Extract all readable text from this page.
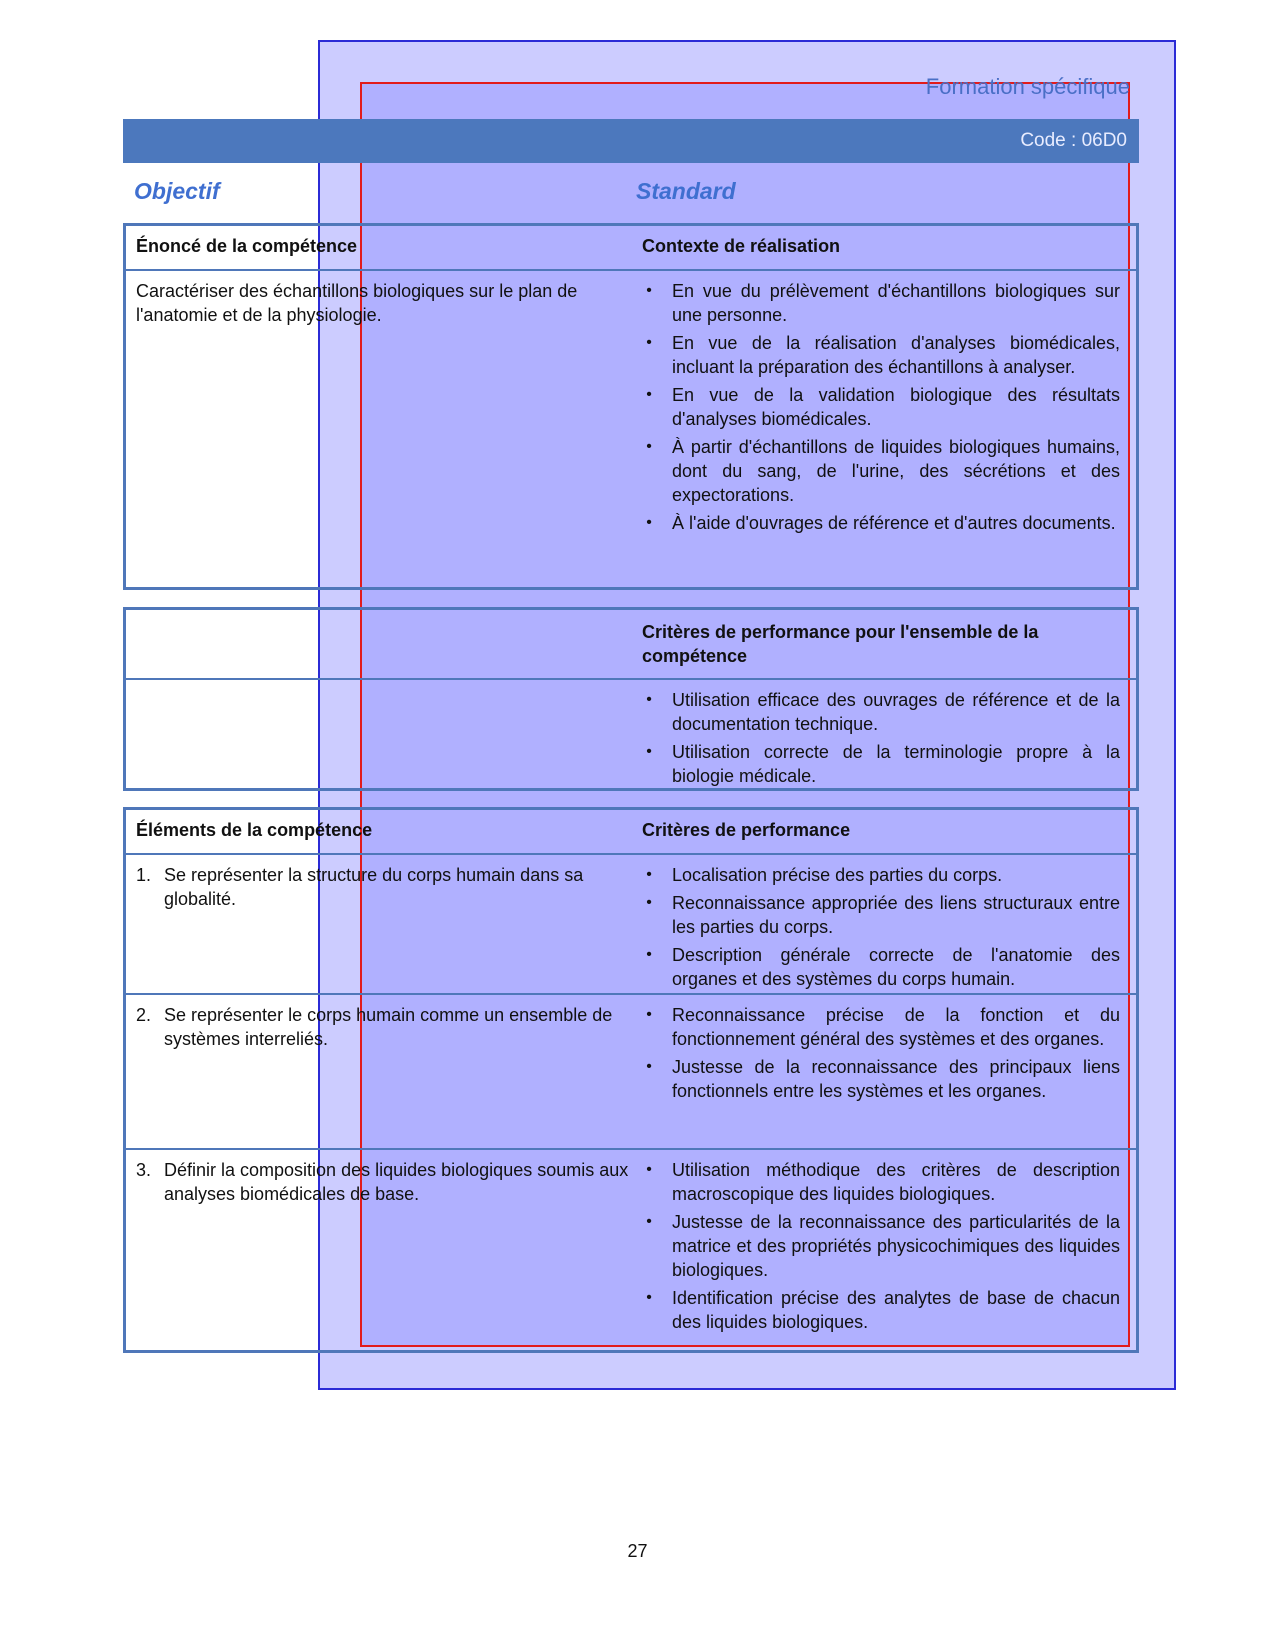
Formation spécifique
Code : 06D0
Objectif	Standard
Énoncé de la compétence	Contexte de réalisation
Caractériser des échantillons biologiques sur le plan de l'anatomie et de la physiologie.
• En vue du prélèvement d'échantillons biologiques sur une personne.
• En vue de la réalisation d'analyses biomédicales, incluant la préparation des échantillons à analyser.
• En vue de la validation biologique des résultats d'analyses biomédicales.
• À partir d'échantillons de liquides biologiques humains, dont du sang, de l'urine, des sécrétions et des expectorations.
• À l'aide d'ouvrages de référence et d'autres documents.
Critères de performance pour l'ensemble de la compétence
• Utilisation efficace des ouvrages de référence et de la documentation technique.
• Utilisation correcte de la terminologie propre à la biologie médicale.
Éléments de la compétence	Critères de performance
1. Se représenter la structure du corps humain dans sa globalité.
• Localisation précise des parties du corps.
• Reconnaissance appropriée des liens structuraux entre les parties du corps.
• Description générale correcte de l'anatomie des organes et des systèmes du corps humain.
2. Se représenter le corps humain comme un ensemble de systèmes interreliés.
• Reconnaissance précise de la fonction et du fonctionnement général des systèmes et des organes.
• Justesse de la reconnaissance des principaux liens fonctionnels entre les systèmes et les organes.
3. Définir la composition des liquides biologiques soumis aux analyses biomédicales de base.
• Utilisation méthodique des critères de description macroscopique des liquides biologiques.
• Justesse de la reconnaissance des particularités de la matrice et des propriétés physicochimiques des liquides biologiques.
• Identification précise des analytes de base de chacun des liquides biologiques.
27
